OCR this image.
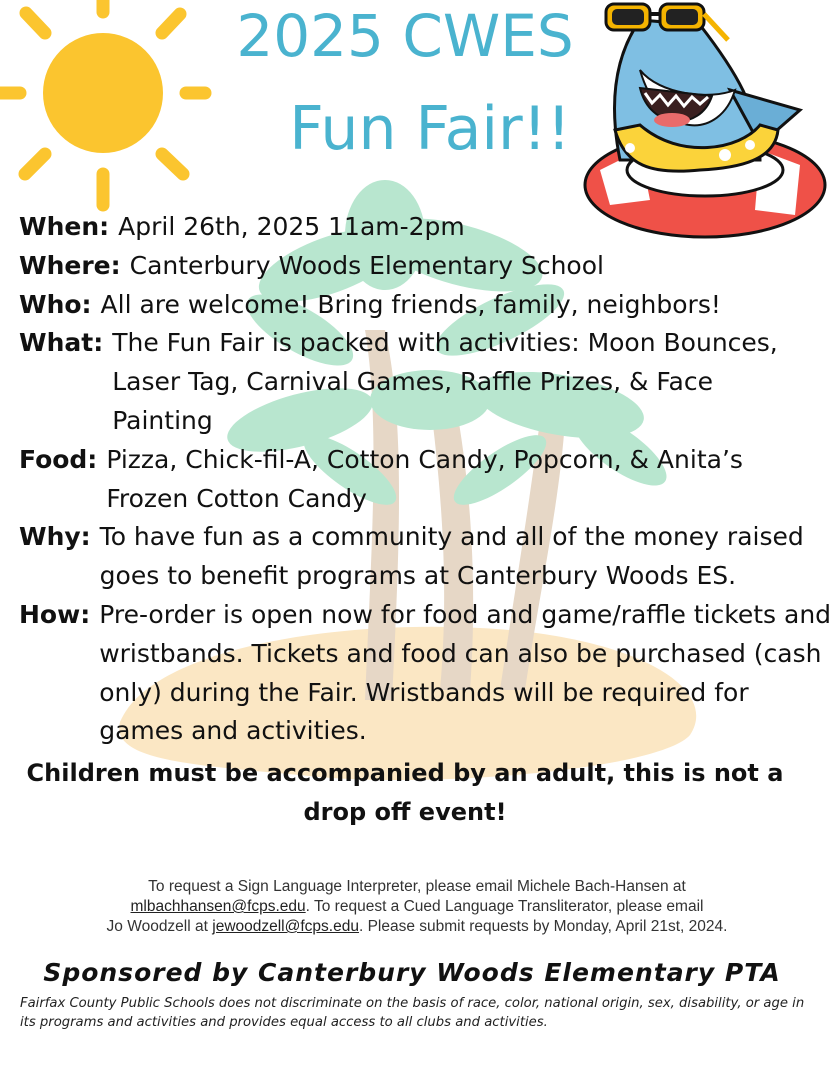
2025 CWES
Fun Fair!!
When: April 26th, 2025 11am-2pm
Where: Canterbury Woods Elementary School
Who: All are welcome! Bring friends, family, neighbors!
What: The Fun Fair is packed with activities: Moon Bounces, Laser Tag, Carnival Games, Raffle Prizes, & Face Painting
Food: Pizza, Chick-fil-A, Cotton Candy, Popcorn, & Anita’s Frozen Cotton Candy
Why: To have fun as a community and all of the money raised goes to benefit programs at Canterbury Woods ES.
How: Pre-order is open now for food and game/raffle tickets and wristbands. Tickets and food can also be purchased (cash only) during the Fair. Wristbands will be required for games and activities.
Children must be accompanied by an adult, this is not a drop off event!
To request a Sign Language Interpreter, please email Michele Bach-Hansen at
mlbachhansen@fcps.edu. To request a Cued Language Transliterator, please email
Jo Woodzell at jewoodzell@fcps.edu. Please submit requests by Monday, April 21st, 2024.
Sponsored by Canterbury Woods Elementary PTA
Fairfax County Public Schools does not discriminate on the basis of race, color, national origin, sex, disability, or age in its programs and activities and provides equal access to all clubs and activities.
